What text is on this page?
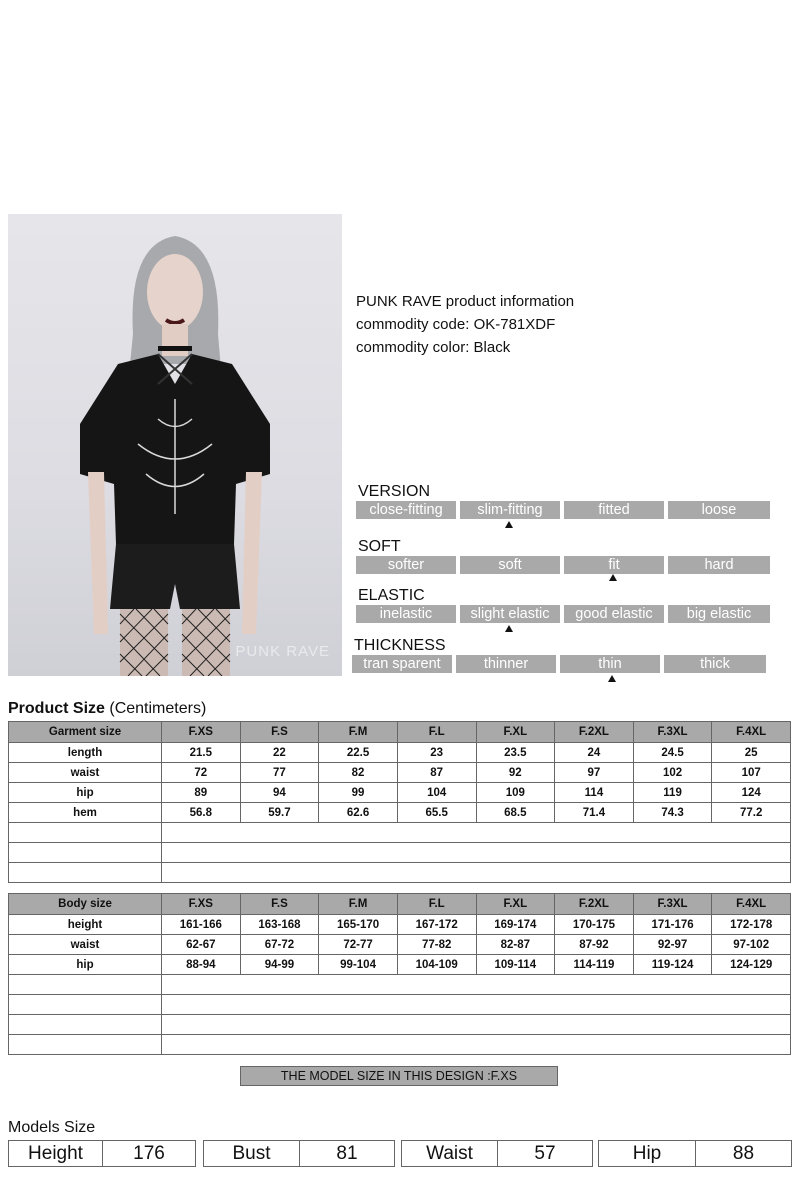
PUNK RAVE
PUNK RAVE product information
commodity code: OK-781XDF
commodity color: Black
VERSION
close-fitting	slim-fitting	fitted	loose
SOFT
softer	soft	fit	hard
ELASTIC
inelastic	slight elastic	good elastic	big elastic
THICKNESS
tran sparent	thinner	thin	thick
Product Size (Centimeters)
Garment size	F.XS	F.S	F.M	F.L	F.XL	F.2XL	F.3XL	F.4XL
length	21.5	22	22.5	23	23.5	24	24.5	25
waist	72	77	82	87	92	97	102	107
hip	89	94	99	104	109	114	119	124
hem	56.8	59.7	62.6	65.5	68.5	71.4	74.3	77.2

Body size	F.XS	F.S	F.M	F.L	F.XL	F.2XL	F.3XL	F.4XL
height	161-166	163-168	165-170	167-172	169-174	170-175	171-176	172-178
waist	62-67	67-72	72-77	77-82	82-87	87-92	92-97	97-102
hip	88-94	94-99	99-104	104-109	109-114	114-119	119-124	124-129

THE MODEL SIZE IN THIS DESIGN :F.XS
Models Size
Height	176	Bust	81	Waist	57	Hip	88
